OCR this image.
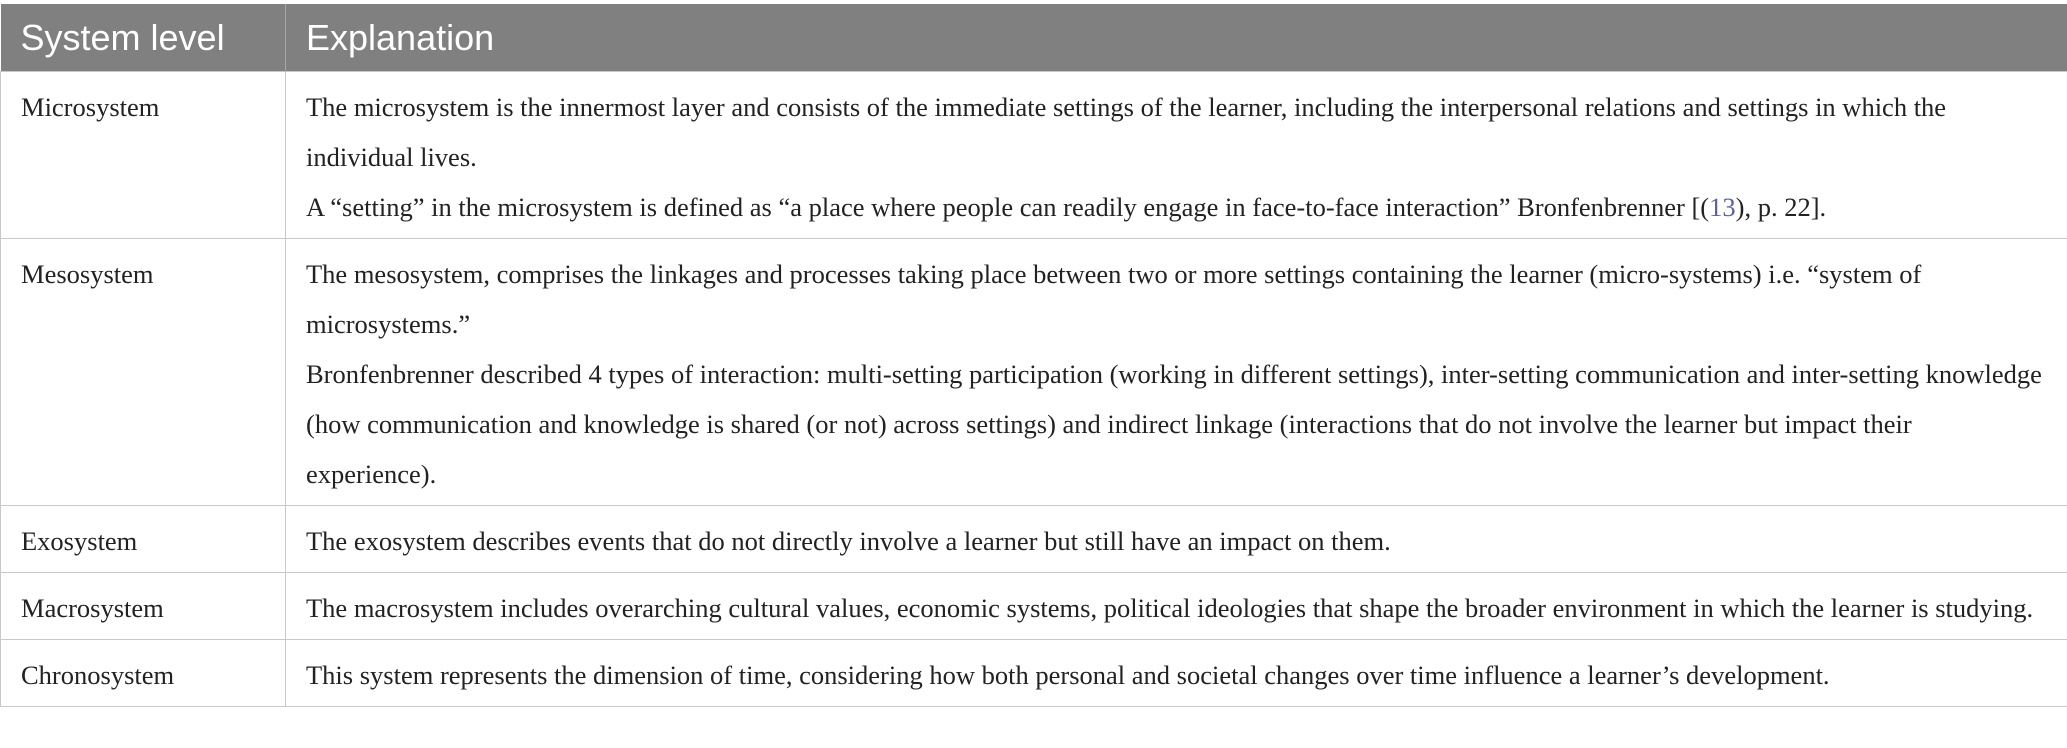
System level	Explanation
Microsystem	The microsystem is the innermost layer and consists of the immediate settings of the learner, including the interpersonal relations and settings in which the individual lives.
A “setting” in the microsystem is defined as “a place where people can readily engage in face-to-face interaction” Bronfenbrenner [(13), p. 22].

Mesosystem	The mesosystem, comprises the linkages and processes taking place between two or more settings containing the learner (micro-systems) i.e. “system of microsystems.”
Bronfenbrenner described 4 types of interaction: multi-setting participation (working in different settings), inter-setting communication and inter-setting knowledge (how communication and knowledge is shared (or not) across settings) and indirect linkage (interactions that do not involve the learner but impact their experience).

Exosystem	The exosystem describes events that do not directly involve a learner but still have an impact on them.

Macrosystem	The macrosystem includes overarching cultural values, economic systems, political ideologies that shape the broader environment in which the learner is studying.

Chronosystem	This system represents the dimension of time, considering how both personal and societal changes over time influence a learner’s development.
